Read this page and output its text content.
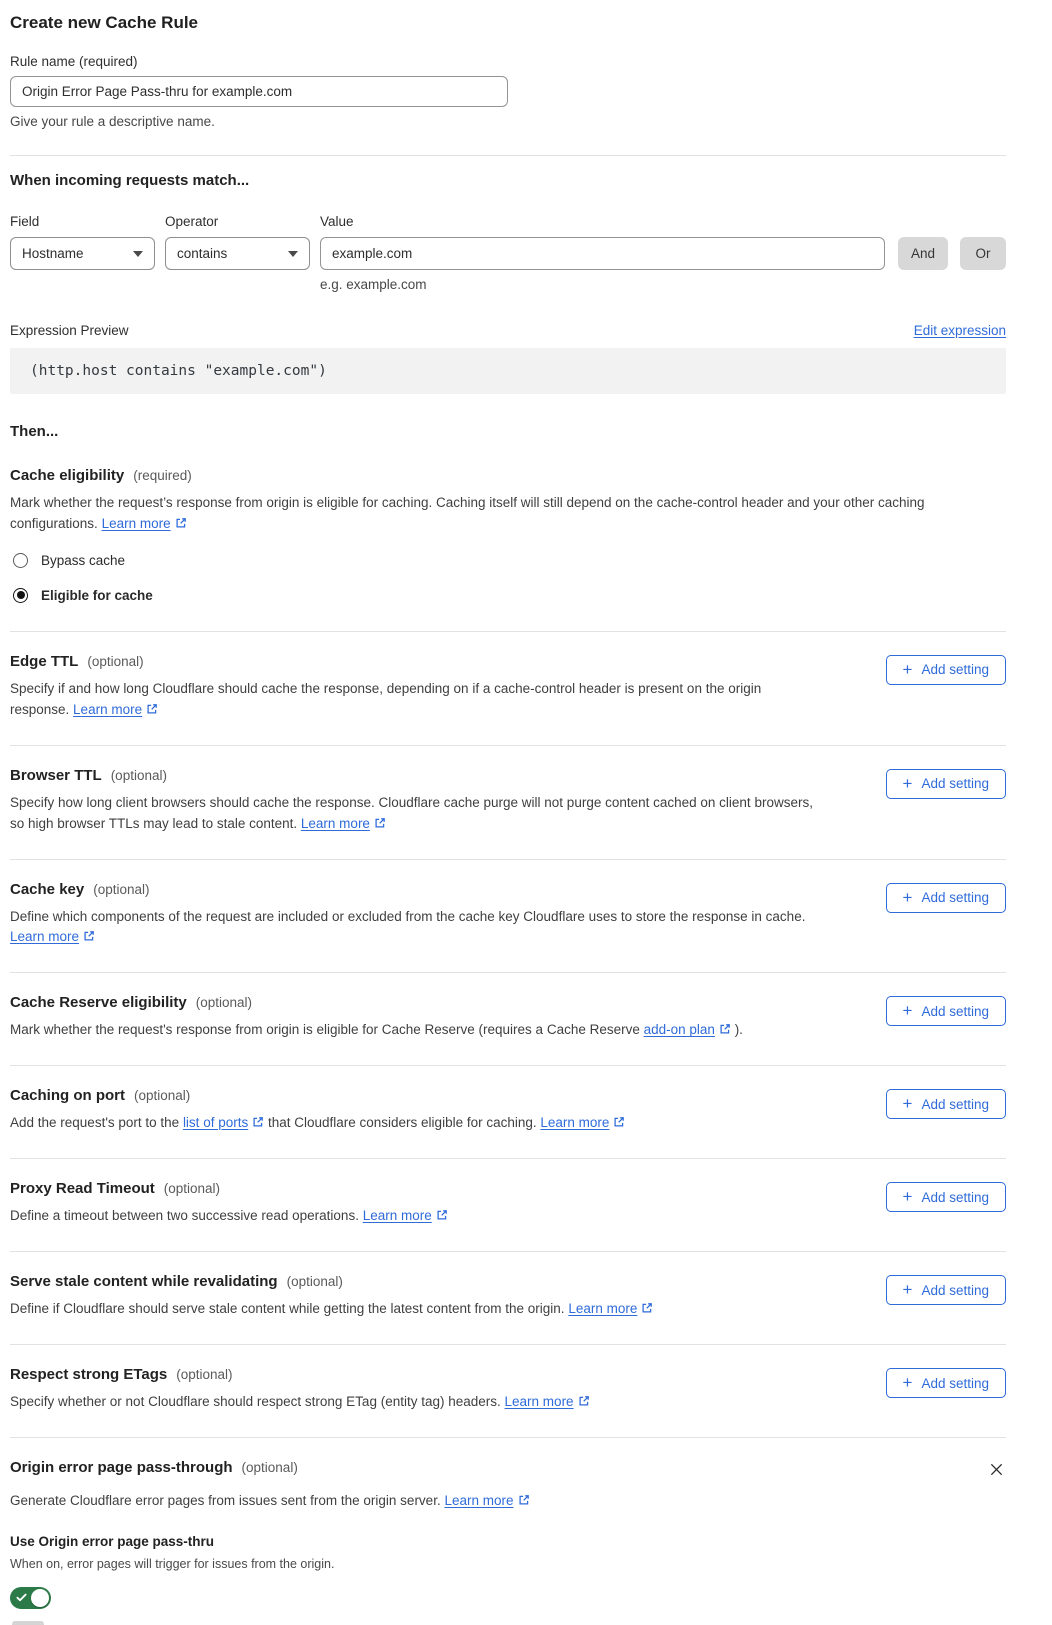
Create new Cache Rule
Rule name (required)
Origin Error Page Pass-thru for example.com

Give your rule a descriptive name.

When incoming requests match...
Field
Hostname
Operator
contains
Value
example.com
e.g. example.com
And	Or
Expression Preview	Edit expression
(http.host contains "example.com")
Then...
Cache eligibility (required)

Mark whether the request’s response from origin is eligible for caching. Caching itself will still depend on the cache-control header and your other caching configurations. Learn more

Bypass cache
Eligible for cache
Edge TTL (optional)

Specify if and how long Cloudflare should cache the response, depending on if a cache-control header is present on the origin response. Learn more

+ Add setting
Browser TTL (optional)

Specify how long client browsers should cache the response. Cloudflare cache purge will not purge content cached on client browsers, so high browser TTLs may lead to stale content. Learn more

+ Add setting
Cache key (optional)

Define which components of the request are included or excluded from the cache key Cloudflare uses to store the response in cache. Learn more

+ Add setting
Cache Reserve eligibility (optional)

Mark whether the request's response from origin is eligible for Cache Reserve (requires a Cache Reserve add-on plan ).

+ Add setting
Caching on port (optional)

Add the request's port to the list of ports that Cloudflare considers eligible for caching. Learn more

+ Add setting
Proxy Read Timeout (optional)

Define a timeout between two successive read operations. Learn more

+ Add setting
Serve stale content while revalidating (optional)

Define if Cloudflare should serve stale content while getting the latest content from the origin. Learn more

+ Add setting
Respect strong ETags (optional)

Specify whether or not Cloudflare should respect strong ETag (entity tag) headers. Learn more

+ Add setting
Origin error page pass-through (optional)

Generate Cloudflare error pages from issues sent from the origin server. Learn more

Use Origin error page pass-thru
When on, error pages will trigger for issues from the origin.
